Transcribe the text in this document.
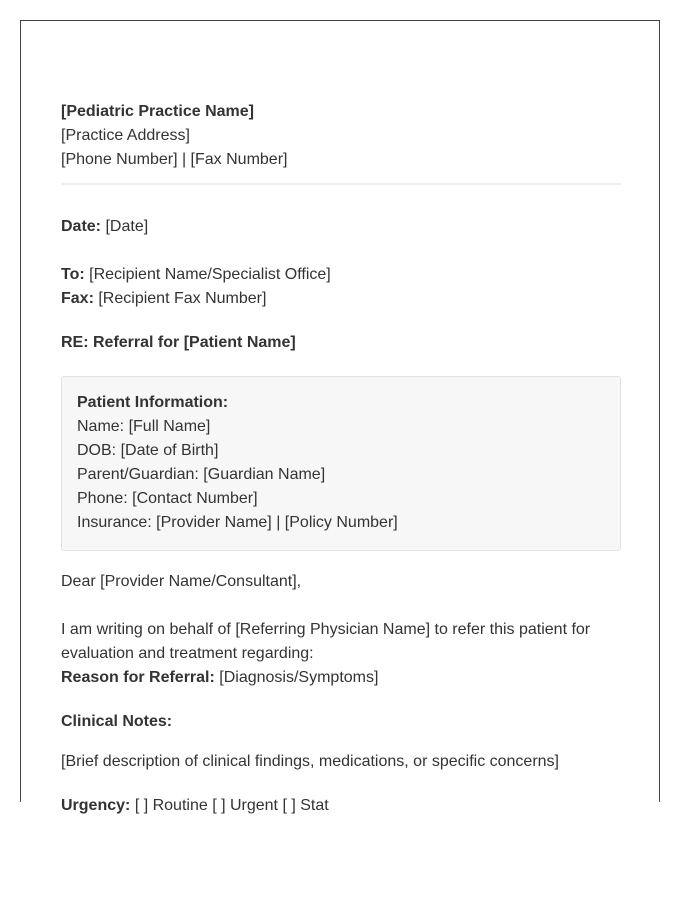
[Pediatric Practice Name]
[Practice Address]
[Phone Number] | [Fax Number]
Date: [Date]
To: [Recipient Name/Specialist Office]
Fax: [Recipient Fax Number]
RE: Referral for [Patient Name]
Patient Information:
Name: [Full Name]
DOB: [Date of Birth]
Parent/Guardian: [Guardian Name]
Phone: [Contact Number]
Insurance: [Provider Name] | [Policy Number]
Dear [Provider Name/Consultant],
I am writing on behalf of [Referring Physician Name] to refer this patient for evaluation and treatment regarding:
Reason for Referral: [Diagnosis/Symptoms]
Clinical Notes:
[Brief description of clinical findings, medications, or specific concerns]
Urgency: [ ] Routine [ ] Urgent [ ] Stat
